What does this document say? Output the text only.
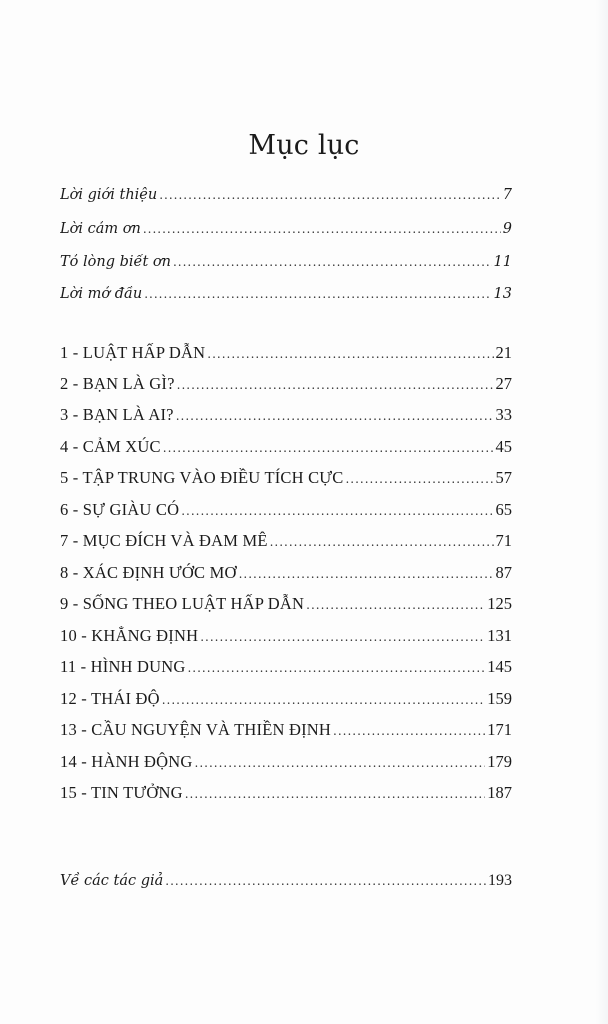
Mục lục
Lời giới thiệu .....	7
Lời cảm ơn .....	9
Tỏ lòng biết ơn .....	11
Lời mở đầu .....	13
1 - LUẬT HẤP DẪN .....	21
2 - BẠN LÀ GÌ? .....	27
3 - BẠN LÀ AI? .....	33
4 - CẢM XÚC .....	45
5 - TẬP TRUNG VÀO ĐIỀU TÍCH CỰC .....	57
6 - SỰ GIÀU CÓ .....	65
7 - MỤC ĐÍCH VÀ ĐAM MÊ .....	71
8 - XÁC ĐỊNH ƯỚC MƠ .....	87
9 - SỐNG THEO LUẬT HẤP DẪN .....	125
10 - KHẲNG ĐỊNH .....	131
11 - HÌNH DUNG .....	145
12 - THÁI ĐỘ .....	159
13 - CẦU NGUYỆN VÀ THIỀN ĐỊNH .....	171
14 - HÀNH ĐỘNG .....	179
15 - TIN TƯỞNG .....	187
Về các tác giả .....	193
